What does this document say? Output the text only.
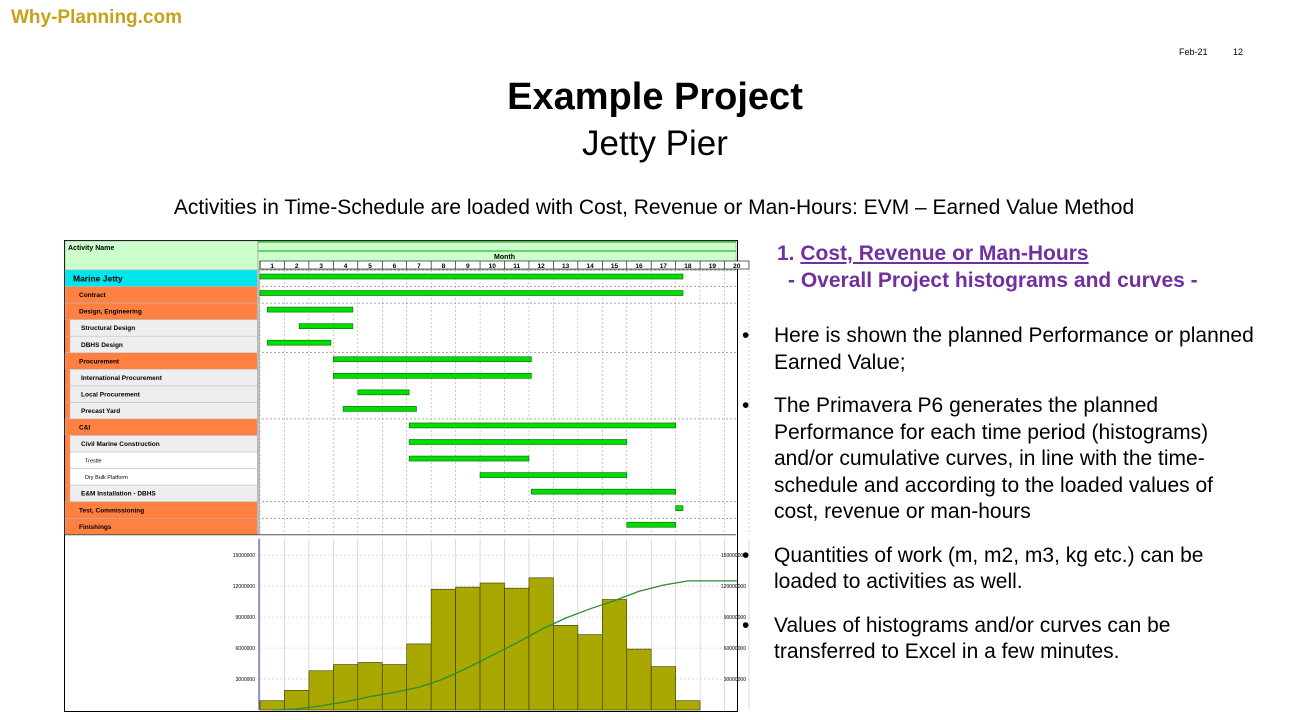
Why-Planning.com
Feb-21	12
Example Project
Jetty Pier
Activities in Time-Schedule are loaded with Cost, Revenue or Man-Hours: EVM – Earned Value Method
Activity Name
Month
1	2	3	4	5	6	7	8	9	10	11	12	13	14	15	16	17	18	19	20
Marine Jetty
Contract
Design, Engineering
Structural Design
DBHS Design
Procurement
International Procurement
Local Procurement
Precast Yard
C&I
Civil Marine Construction
Trestle
Dry Bulk Platform
E&M Installation - DBHS
Test, Commissioning
Finishings
3000000
6000000
9000000
12000000
15000000
30000000
60000000
90000000
120000000
150000000
1. Cost, Revenue or Man-Hours
- Overall Project histograms and curves -
• Here is shown the planned Performance or planned Earned Value;
• The Primavera P6 generates the planned Performance for each time period (histograms) and/or cumulative curves, in line with the time-schedule and according to the loaded values of cost, revenue or man-hours
• Quantities of work (m, m2, m3, kg etc.) can be loaded to activities as well.
• Values of histograms and/or curves can be transferred to Excel in a few minutes.
